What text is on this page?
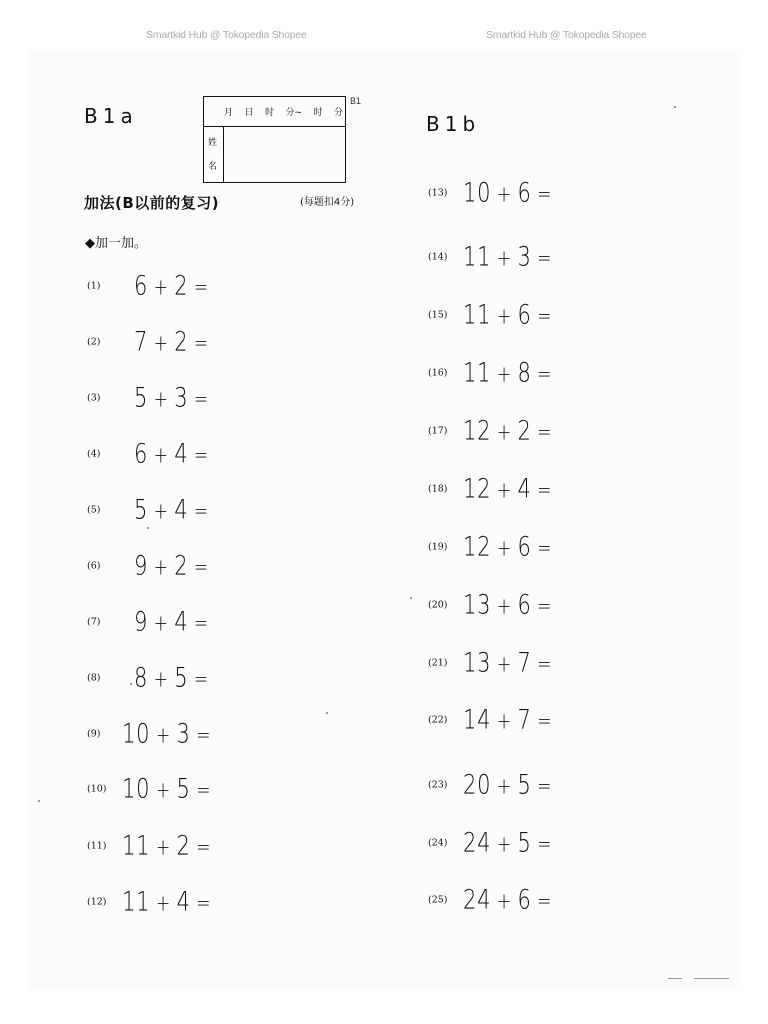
Smartkid Hub @ Tokopedia Shopee	Smartkid Hub @ Tokopedia Shopee
B1a	B1b
月 日 时 分~ 时 分
姓
名
B1
加法(B以前的复习)	(每题扣4分)
◆加一加。
(1) 6 + 2 =
(2) 7 + 2 =
(3) 5 + 3 =
(4) 6 + 4 =
(5) 5 + 4 =
(6) 9 + 2 =
(7) 9 + 4 =
(8) 8 + 5 =
(9) 10 + 3 =
(10) 10 + 5 =
(11) 11 + 2 =
(12) 11 + 4 =
(13) 10 + 6 =
(14) 11 + 3 =
(15) 11 + 6 =
(16) 11 + 8 =
(17) 12 + 2 =
(18) 12 + 4 =
(19) 12 + 6 =
(20) 13 + 6 =
(21) 13 + 7 =
(22) 14 + 7 =
(23) 20 + 5 =
(24) 24 + 5 =
(25) 24 + 6 =
